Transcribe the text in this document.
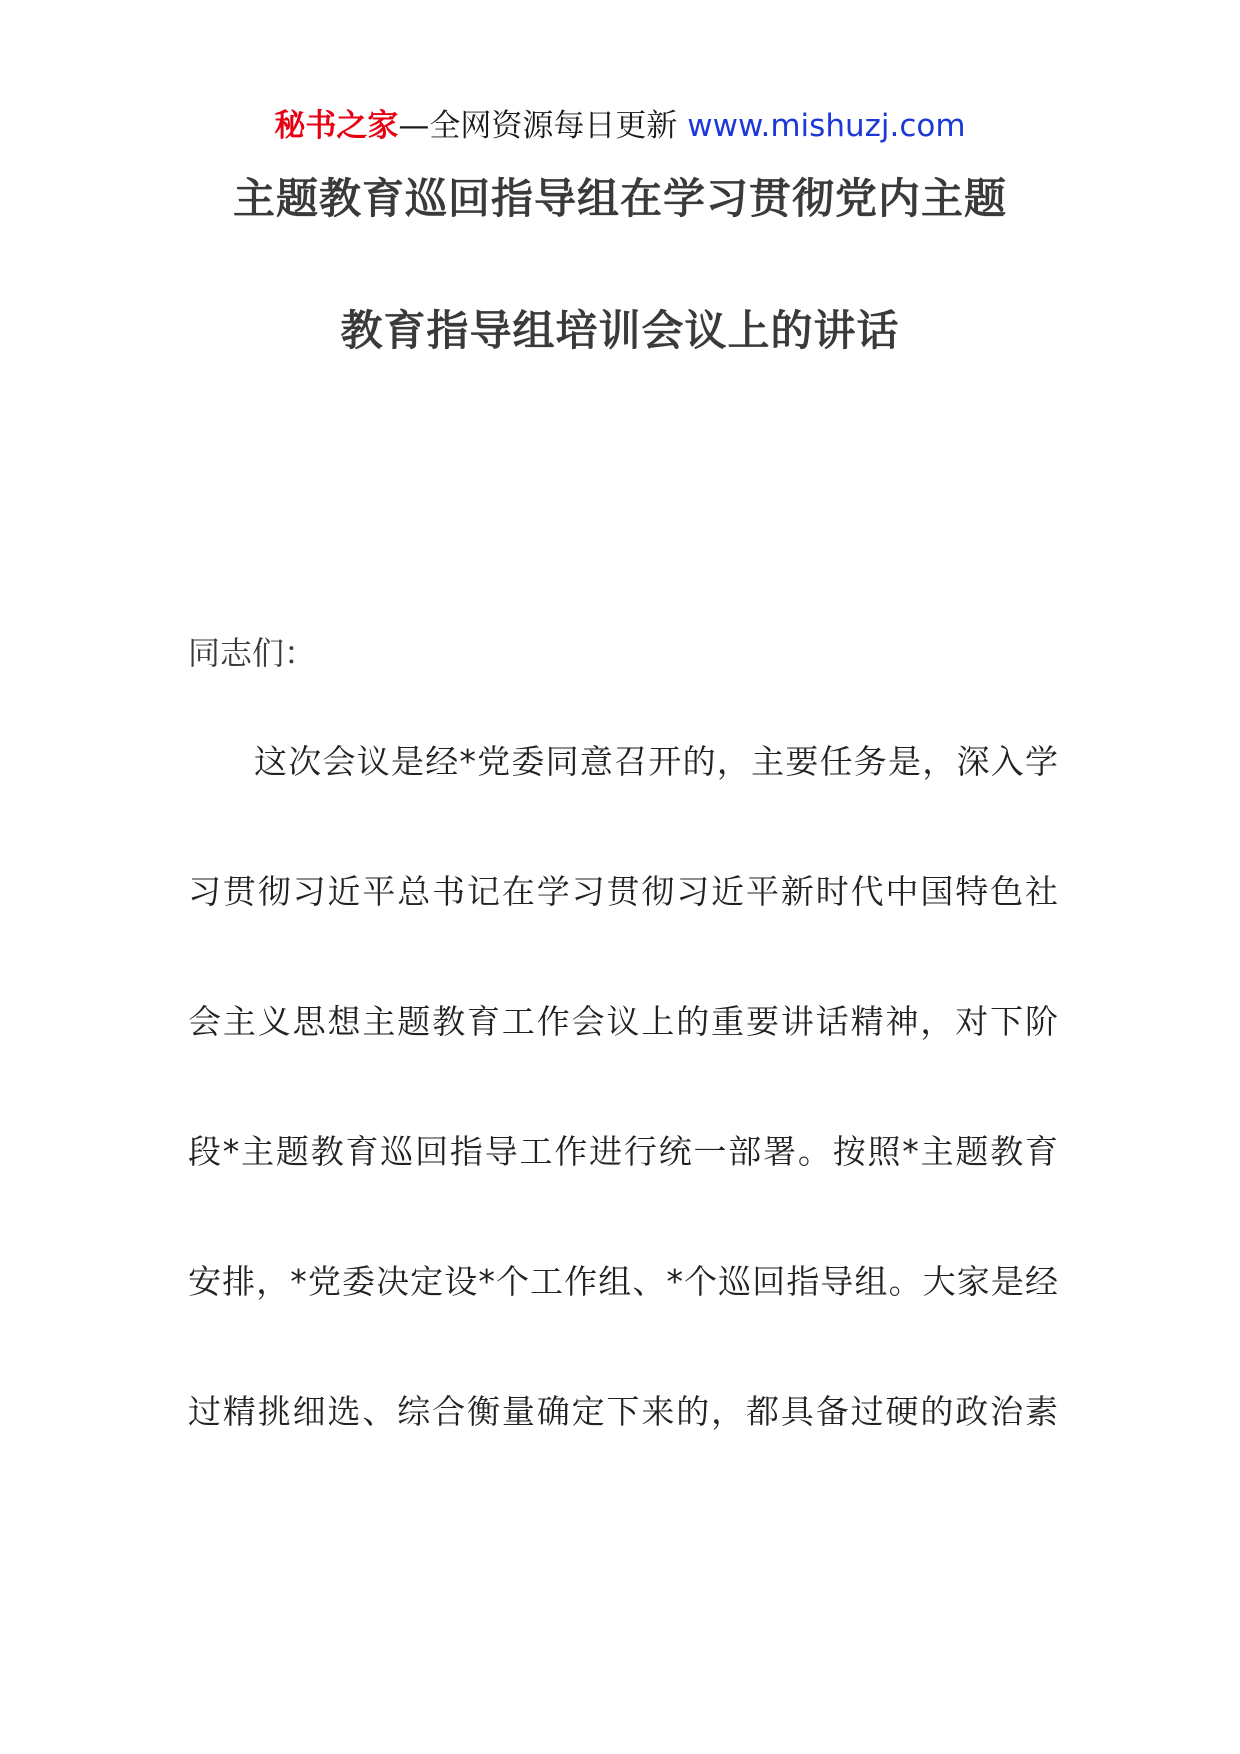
秘书之家—全网资源每日更新 www.mishuzj.com
主题教育巡回指导组在学习贯彻党内主题
教育指导组培训会议上的讲话
同志们：
这次会议是经*党委同意召开的，主要任务是，深入学
习贯彻习近平总书记在学习贯彻习近平新时代中国特色社
会主义思想主题教育工作会议上的重要讲话精神，对下阶
段*主题教育巡回指导工作进行统一部署。按照*主题教育
安排，*党委决定设*个工作组、*个巡回指导组。大家是经
过精挑细选、综合衡量确定下来的，都具备过硬的政治素
